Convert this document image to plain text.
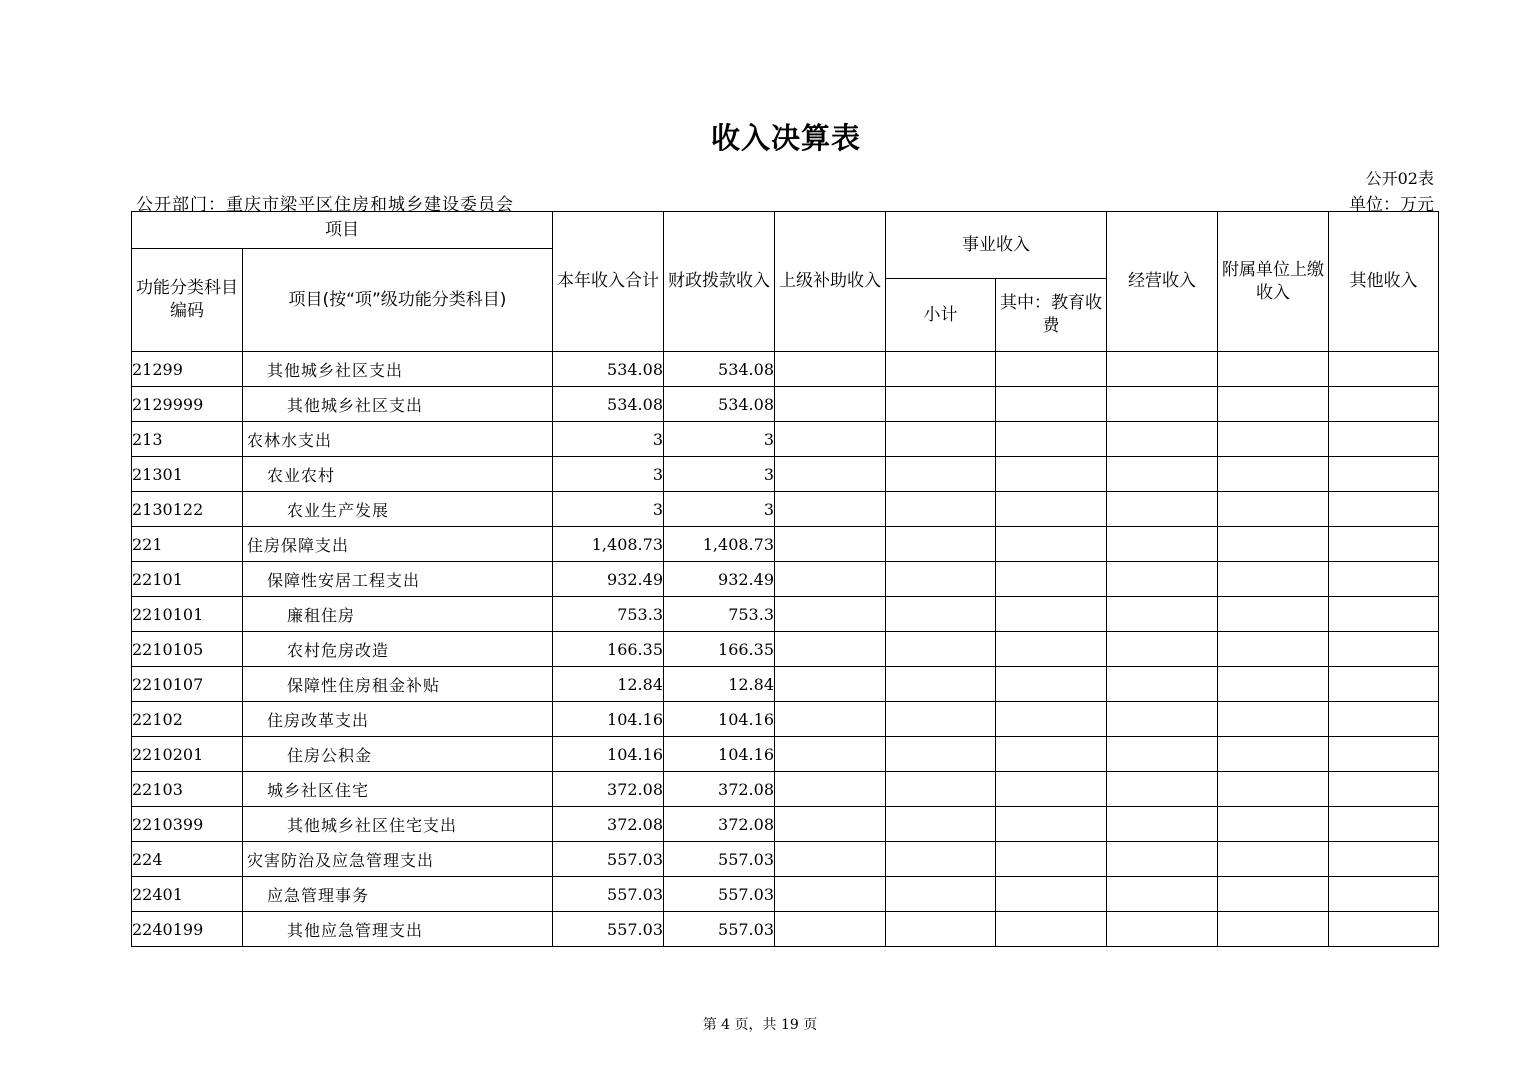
收入决算表
公开02表
公开部门：重庆市梁平区住房和城乡建设委员会	单位：万元
项目		本年收入合计	财政拨款收入	上级补助收入	事业收入		经营收入	附属单位上缴收入	其他收入
功能分类科目编码	项目(按“项”级功能分类科目)								
					小计	其中：教育收费			
21299	其他城乡社区支出	534.08	534.08						
2129999	其他城乡社区支出	534.08	534.08						
213	农林水支出	3	3						
21301	农业农村	3	3						
2130122	农业生产发展	3	3						
221	住房保障支出	1,408.73	1,408.73						
22101	保障性安居工程支出	932.49	932.49						
2210101	廉租住房	753.3	753.3						
2210105	农村危房改造	166.35	166.35						
2210107	保障性住房租金补贴	12.84	12.84						
22102	住房改革支出	104.16	104.16						
2210201	住房公积金	104.16	104.16						
22103	城乡社区住宅	372.08	372.08						
2210399	其他城乡社区住宅支出	372.08	372.08						
224	灾害防治及应急管理支出	557.03	557.03						
22401	应急管理事务	557.03	557.03						
2240199	其他应急管理支出	557.03	557.03						
第 4 页，共 19 页
